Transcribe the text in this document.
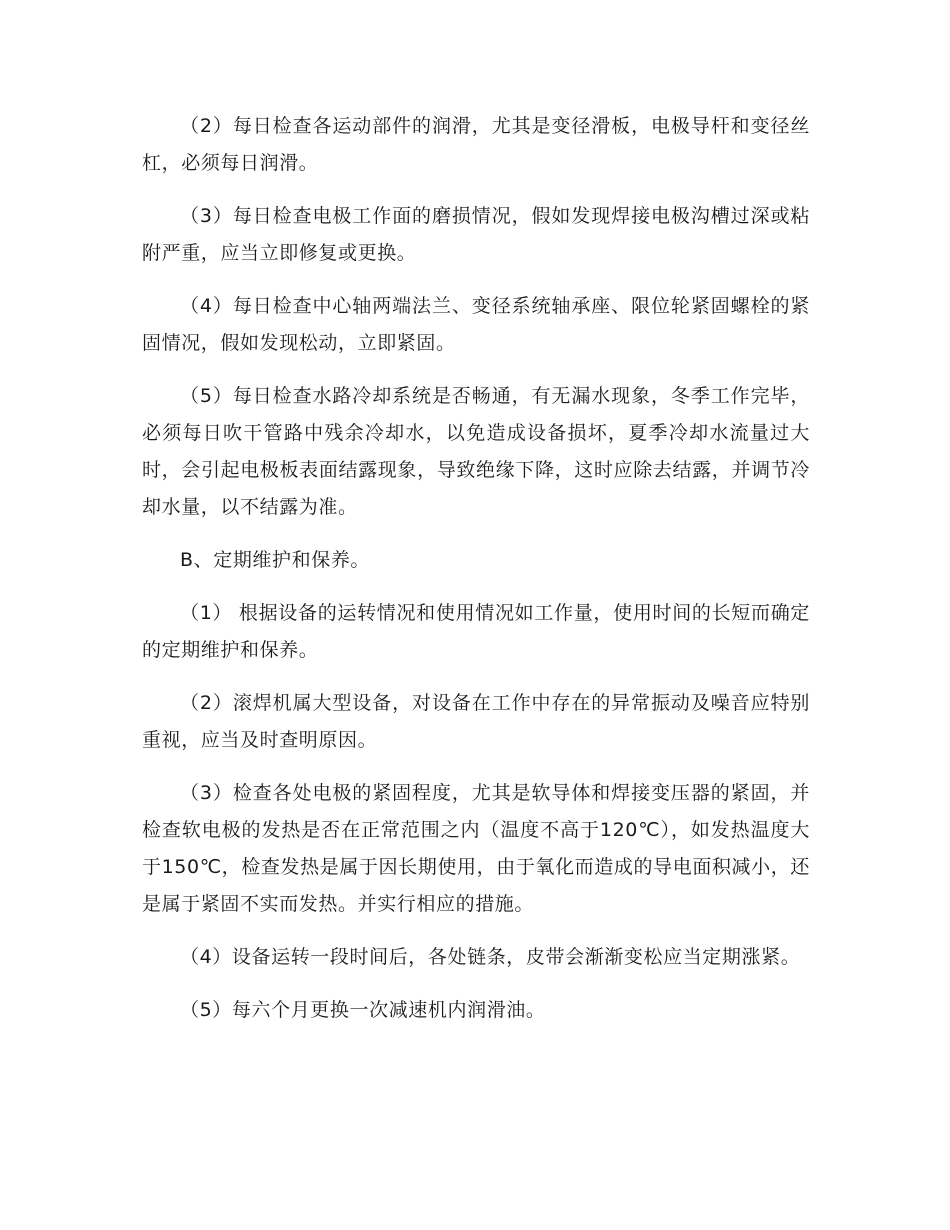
（2）每日检查各运动部件的润滑，尤其是变径滑板，电极导杆和变径丝杠，必须每日润滑。

（3）每日检查电极工作面的磨损情况，假如发现焊接电极沟槽过深或粘附严重，应当立即修复或更换。

（4）每日检查中心轴两端法兰、变径系统轴承座、限位轮紧固螺栓的紧固情况，假如发现松动，立即紧固。

（5）每日检查水路冷却系统是否畅通，有无漏水现象，冬季工作完毕，必须每日吹干管路中残余冷却水，以免造成设备损坏，夏季冷却水流量过大时，会引起电极板表面结露现象，导致绝缘下降，这时应除去结露，并调节冷却水量，以不结露为准。

B、定期维护和保养。

（1） 根据设备的运转情况和使用情况如工作量，使用时间的长短而确定的定期维护和保养。

（2）滚焊机属大型设备，对设备在工作中存在的异常振动及噪音应特别重视，应当及时查明原因。

（3）检查各处电极的紧固程度，尤其是软导体和焊接变压器的紧固，并检查软电极的发热是否在正常范围之内（温度不高于120℃），如发热温度大于150℃，检查发热是属于因长期使用，由于氧化而造成的导电面积减小，还是属于紧固不实而发热。并实行相应的措施。

（4）设备运转一段时间后，各处链条，皮带会渐渐变松应当定期涨紧。

（5）每六个月更换一次减速机内润滑油。
